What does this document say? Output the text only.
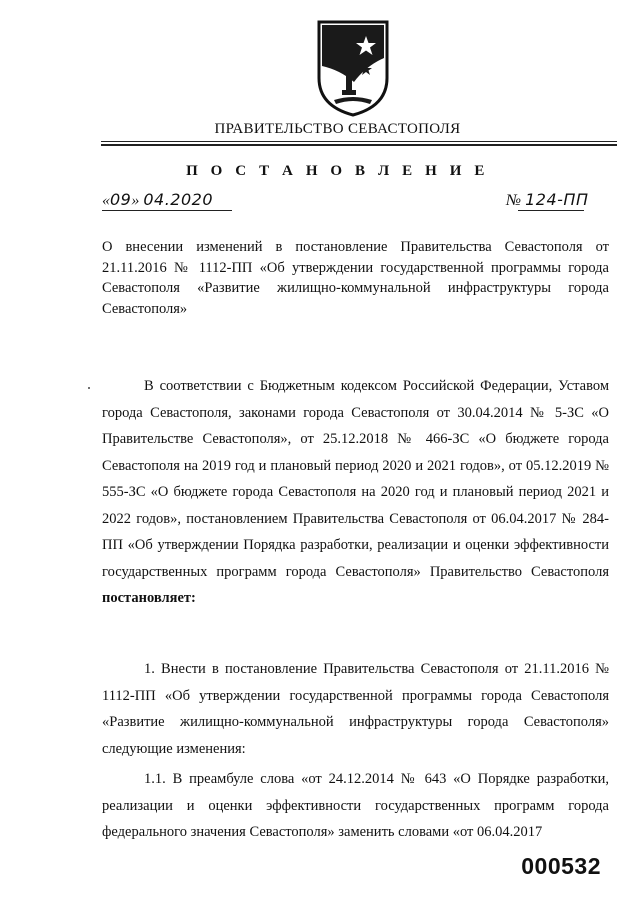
ПРАВИТЕЛЬСТВО СЕВАСТОПОЛЯ
П О С Т А Н О В Л Е Н И Е
«09» 04.2020	№ 124-ПП
О внесении изменений в постановление Правительства Севастополя от 21.11.2016 № 1112-ПП «Об утверждении государственной программы города Севастополя «Развитие жилищно-коммунальной инфраструктуры города Севастополя»
В соответствии с Бюджетным кодексом Российской Федерации, Уставом города Севастополя, законами города Севастополя от 30.04.2014 № 5-ЗС «О Правительстве Севастополя», от 25.12.2018 № 466-ЗС «О бюджете города Севастополя на 2019 год и плановый период 2020 и 2021 годов», от 05.12.2019 № 555-ЗС «О бюджете города Севастополя на 2020 год и плановый период 2021 и 2022 годов», постановлением Правительства Севастополя от 06.04.2017 № 284-ПП «Об утверждении Порядка разработки, реализации и оценки эффективности государственных программ города Севастополя» Правительство Севастополя постановляет:
1. Внести в постановление Правительства Севастополя от 21.11.2016 № 1112-ПП «Об утверждении государственной программы города Севастополя «Развитие жилищно-коммунальной инфраструктуры города Севастополя» следующие изменения:
1.1. В преамбуле слова «от 24.12.2014 № 643 «О Порядке разработки, реализации и оценки эффективности государственных программ города федерального значения Севастополя» заменить словами «от 06.04.2017
000532
